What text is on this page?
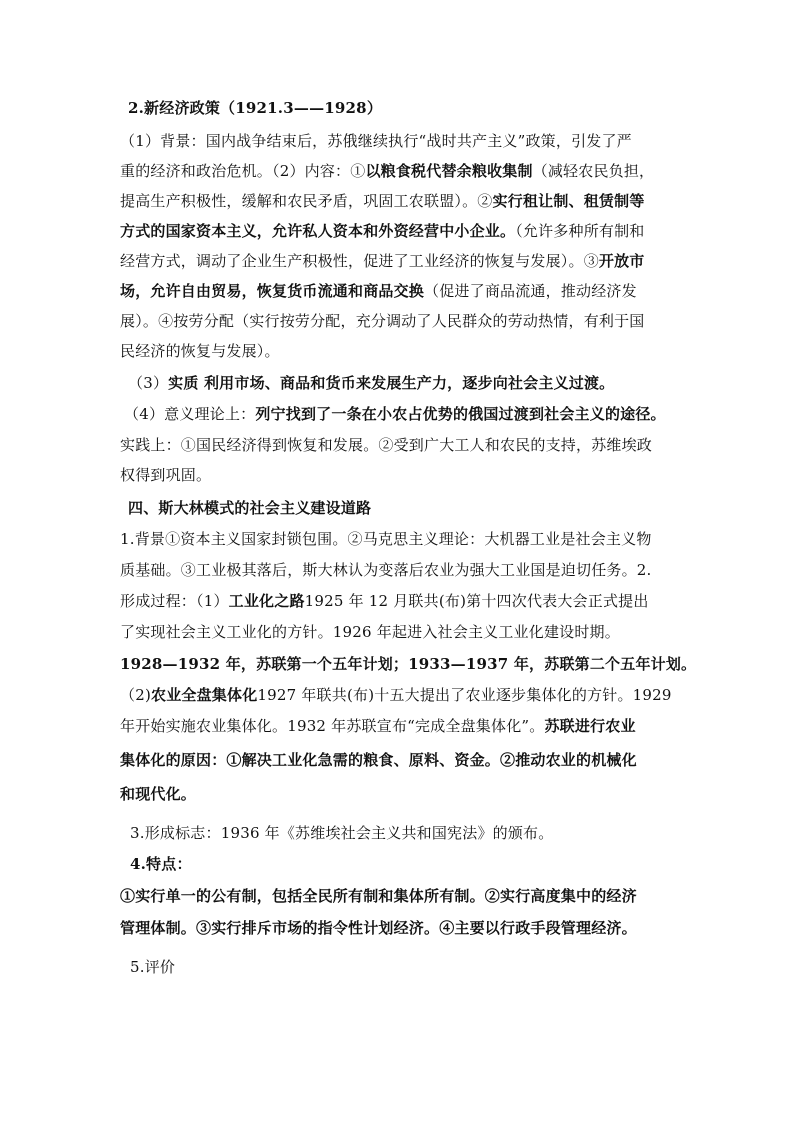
2.新经济政策（1921.3——1928）
（1）背景：国内战争结束后，苏俄继续执行“战时共产主义”政策，引发了严
重的经济和政治危机。（2）内容：①以粮食税代替余粮收集制（减轻农民负担，
提高生产积极性，缓解和农民矛盾，巩固工农联盟）。②实行租让制、租赁制等
方式的国家资本主义，允许私人资本和外资经营中小企业。（允许多种所有制和
经营方式，调动了企业生产积极性，促进了工业经济的恢复与发展）。③开放市
场，允许自由贸易，恢复货币流通和商品交换（促进了商品流通，推动经济发
展）。④按劳分配（实行按劳分配，充分调动了人民群众的劳动热情，有利于国
民经济的恢复与发展）。
（3）实质 利用市场、商品和货币来发展生产力，逐步向社会主义过渡。
（4）意义理论上：列宁找到了一条在小农占优势的俄国过渡到社会主义的途径。
实践上：①国民经济得到恢复和发展。②受到广大工人和农民的支持，苏维埃政
权得到巩固。
四、斯大林模式的社会主义建设道路
1.背景①资本主义国家封锁包围。②马克思主义理论：大机器工业是社会主义物
质基础。③工业极其落后，斯大林认为变落后农业为强大工业国是迫切任务。2.
形成过程：（1）工业化之路1925 年 12 月联共(布)第十四次代表大会正式提出
了实现社会主义工业化的方针。1926 年起进入社会主义工业化建设时期。
1928—1932 年，苏联第一个五年计划；1933—1937 年，苏联第二个五年计划。
（2)农业全盘集体化1927 年联共(布)十五大提出了农业逐步集体化的方针。1929
年开始实施农业集体化。1932 年苏联宣布“完成全盘集体化”。苏联进行农业
集体化的原因：①解决工业化急需的粮食、原料、资金。②推动农业的机械化
和现代化。
3.形成标志：1936 年《苏维埃社会主义共和国宪法》的颁布。
4.特点：
①实行单一的公有制，包括全民所有制和集体所有制。②实行高度集中的经济
管理体制。③实行排斥市场的指令性计划经济。④主要以行政手段管理经济。
5.评价
